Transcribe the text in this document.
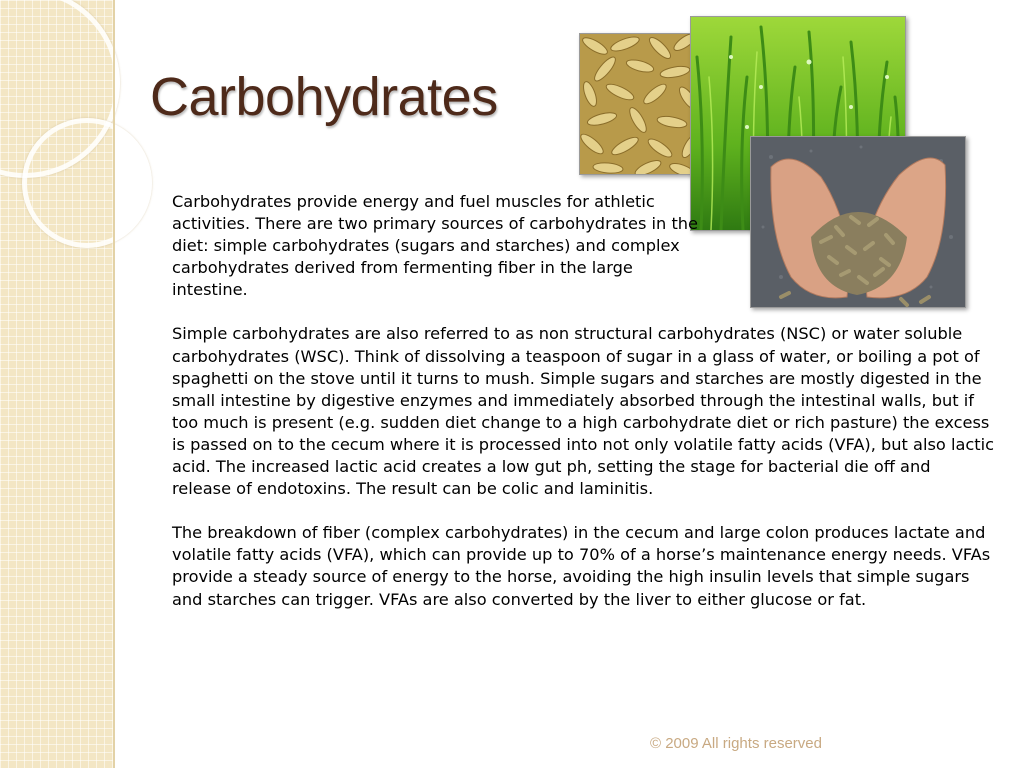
Carbohydrates

Carbohydrates provide energy and fuel muscles for athletic activities. There are two primary sources of carbohydrates in the diet: simple carbohydrates (sugars and starches) and complex carbohydrates derived from fermenting fiber in the large intestine.

Simple carbohydrates are also referred to as non structural carbohydrates (NSC) or water soluble carbohydrates (WSC). Think of dissolving a teaspoon of sugar in a glass of water, or boiling a pot of spaghetti on the stove until it turns to mush. Simple sugars and starches are mostly digested in the small intestine by digestive enzymes and immediately absorbed through the intestinal walls, but if too much is present (e.g. sudden diet change to a high carbohydrate diet or rich pasture) the excess is passed on to the cecum where it is processed into not only volatile fatty acids (VFA), but also lactic acid. The increased lactic acid creates a low gut ph, setting the stage for bacterial die off and release of endotoxins. The result can be colic and laminitis.

The breakdown of fiber (complex carbohydrates) in the cecum and large colon produces lactate and volatile fatty acids (VFA), which can provide up to 70% of a horse’s maintenance energy needs. VFAs provide a steady source of energy to the horse, avoiding the high insulin levels that simple sugars and starches can trigger. VFAs are also converted by the liver to either glucose or fat.

© 2009 All rights reserved
